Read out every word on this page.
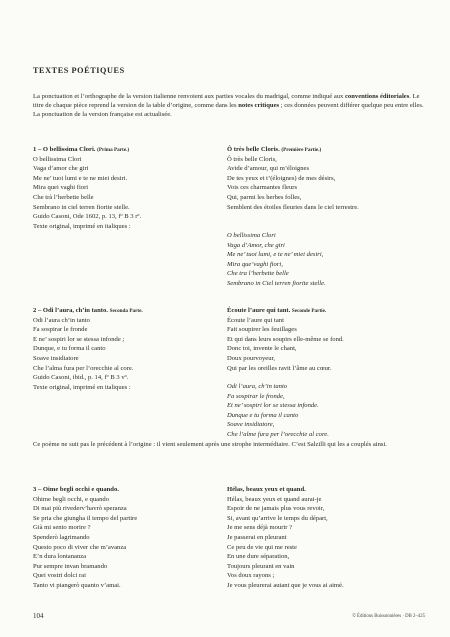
TEXTES POÉTIQUES
La ponctuation et l’orthographe de la version italienne renvoient aux parties vocales du madrigal, comme indiqué aux conventions éditoriales. Le titre de chaque pièce reprend la version de la table d’origine, comme dans les notes critiques ; ces données peuvent différer quelque peu entre elles.
La ponctuation de la version française est actualisée.
1 – O bellissima Clori. (Prima Parte.)
O bellissima Clori
Vaga d’amor che giri
Me ne’ tuoi lumi e te ne miei desiri.
Mira quei vaghi fiori
Che trà l’herbette belle
Sembrano in ciel terren fiorite stelle.
Ô très belle Cloris. (Première Partie.)
Ô très belle Cloris,
Avide d’amour, qui m’éloignes
De tes yeux et t’(éloignes) de mes désirs,
Vois ces charmantes fleurs
Qui, parmi les herbes folles,
Semblent des étoiles fleuries dans le ciel terrestre.
Guido Casoni, Ode 1602, p. 13, fº B 3 rº.
Texte original, imprimé en italiques :
O bellissima Clori
Vaga d’Amor, che giri
Me ne’ tuoi lumi, e te ne’ miei desiri,
Mira que’vaghi fiori,
Che tra l’herbette belle
Sembrano in Ciel terren fiorite stelle.
2 – Odi l’aura, ch’in tanto. Seconda Parte.
Odi l’aura ch’in tanto
Fa sospirar le fronde
E ne’ sospiri lor se stessa infonde ;
Dunque, e tu forma il canto
Soave insidiatore
Che l’alma fura per l’orecchie al core.
Écoute l’aure qui tant. Seconde Partie.
Écoute l’aure qui tant
Fait soupirer les feuillages
Et qui dans leurs soupirs elle-même se fond.
Donc toi, invente le chant,
Doux pourvoyeur,
Qui par les oreilles ravit l’âme au cœur.
Guido Casoni, ibid., p. 14, fº B 3 vº.
Texte original, imprimé en italiques :	Odi l’aura, ch’in tanto
Fa sospirar le fronde,
Et ne’ sospiri lor se stessa infonde.
Dunque e tu forma il canto
Soave insidiatore,
Che l’alme fura per l’orecchie al core.
Ce poème ne suit pas le précédent à l’origine : il vient seulement après une strophe intermédiaire. C’est Salzilli qui les a couplés ainsi.
3 – Oime begli occhi e quando.
Ohime begli occhi, e quando
Di mai più rivederv’havrò speranza
Se pria che giungha il tempo del partire
Già mi sento morire ?
Spenderò lagrimando
Questo poco di viver che m’avanza
E’n dura lontananza
Pur sempre invan bramando
Quei vostri dolci rai
Tanto vi piangerò quanto v’amai.
Hélas, beaux yeux et quand.
Hélas, beaux yeux et quand aurai-je
Espoir de ne jamais plus vous revoir,
Si, avant qu’arrive le temps du départ,
Je me sens déjà mourir ?
Je passerai en pleurant
Ce peu de vie qui me reste
En une dure séparation,
Toujours pleurant en vain
Vos doux rayons ;
Je vous pleurerai autant que je vous ai aimé.
104	© Éditions Buissonnières · DB 2–425
